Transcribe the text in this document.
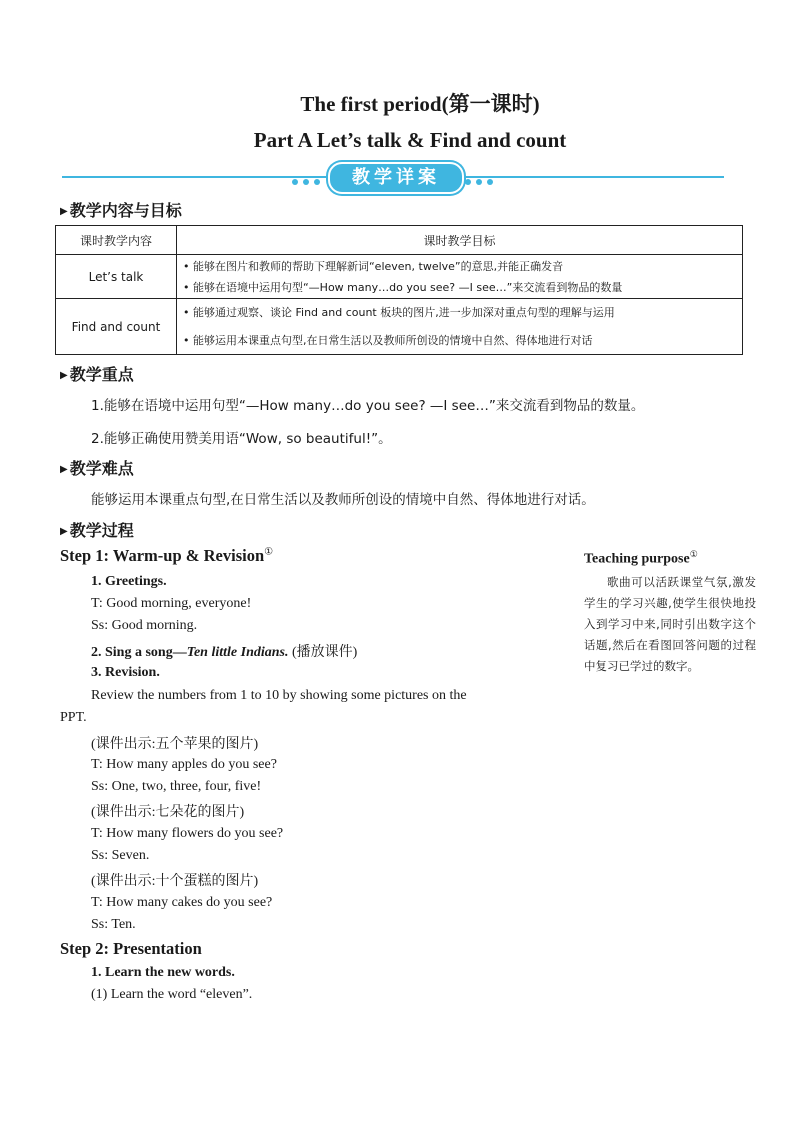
The first period(第一课时)
Part A Let’s talk & Find and count
教学详案
▶ 教学内容与目标
课时教学内容	课时教学目标
Let’s talk	• 能够在图片和教师的帮助下理解新词“eleven, twelve”的意思,并能正确发音
• 能够在语境中运用句型“—How many…do you see? —I see…”来交流看到物品的数量

Find and count	• 能够通过观察、谈论 Find and count 板块的图片,进一步加深对重点句型的理解与运用
• 能够运用本课重点句型,在日常生活以及教师所创设的情境中自然、得体地进行对话
▶ 教学重点
1.能够在语境中运用句型“—How many…do you see? —I see…”来交流看到物品的数量。
2.能够正确使用赞美用语“Wow, so beautiful!”。
▶ 教学难点
能够运用本课重点句型,在日常生活以及教师所创设的情境中自然、得体地进行对话。
▶ 教学过程
Step 1: Warm-up & Revision①
1. Greetings.
T: Good morning, everyone!
Ss: Good morning.
2. Sing a song—Ten little Indians. (播放课件)
3. Revision.
Review the numbers from 1 to 10 by showing some pictures on the
PPT.
(课件出示:五个苹果的图片)
T: How many apples do you see?
Ss: One, two, three, four, five!
(课件出示:七朵花的图片)
T: How many flowers do you see?
Ss: Seven.
(课件出示:十个蛋糕的图片)
T: How many cakes do you see?
Ss: Ten.
Step 2: Presentation
1. Learn the new words.
(1) Learn the word “eleven”.
Teaching purpose①
歌曲可以活跃课堂气氛,激发学生的学习兴趣,使学生很快地投入到学习中来,同时引出数字这个话题,然后在看图回答问题的过程中复习已学过的数字。
